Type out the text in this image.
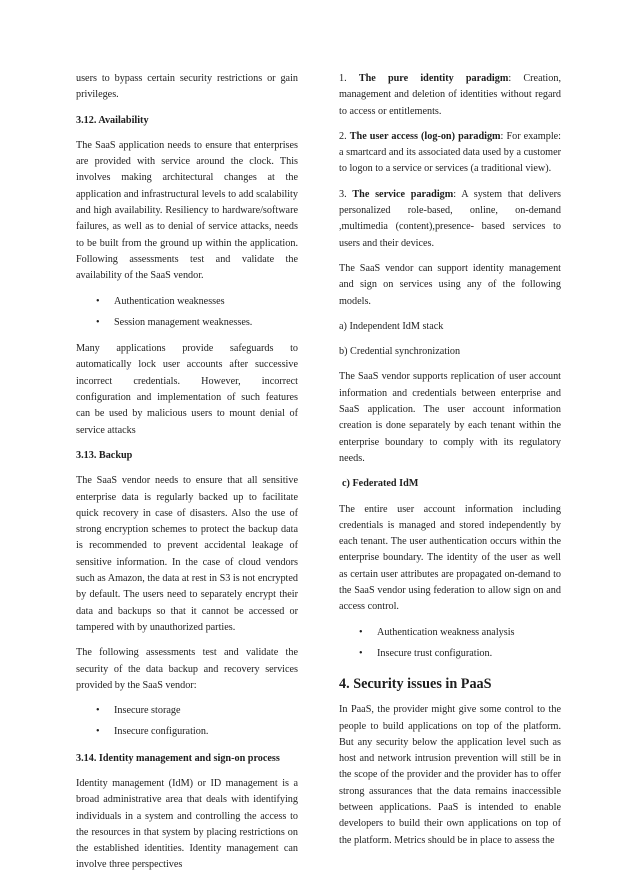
users to bypass certain security restrictions or gain privileges.

3.12. Availability

The SaaS application needs to ensure that enterprises are provided with service around the clock. This involves making architectural changes at the application and infrastructural levels to add scalability and high availability. Resiliency to hardware/software failures, as well as to denial of service attacks, needs to be built from the ground up within the application. Following assessments test and validate the availability of the SaaS vendor.

• Authentication weaknesses
• Session management weaknesses.

Many applications provide safeguards to automatically lock user accounts after successive incorrect credentials. However, incorrect configuration and implementation of such features can be used by malicious users to mount denial of service attacks

3.13. Backup

The SaaS vendor needs to ensure that all sensitive enterprise data is regularly backed up to facilitate quick recovery in case of disasters. Also the use of strong encryption schemes to protect the backup data is recommended to prevent accidental leakage of sensitive information. In the case of cloud vendors such as Amazon, the data at rest in S3 is not encrypted by default. The users need to separately encrypt their data and backups so that it cannot be accessed or tampered with by unauthorized parties.

The following assessments test and validate the security of the data backup and recovery services provided by the SaaS vendor:

• Insecure storage
• Insecure configuration.
3.14. Identity management and sign-on process

Identity management (IdM) or ID management is a broad administrative area that deals with identifying individuals in a system and controlling the access to the resources in that system by placing restrictions on the established identities. Identity management can involve three perspectives

1. The pure identity paradigm: Creation, management and deletion of identities without regard to access or entitlements.

2. The user access (log-on) paradigm: For example: a smartcard and its associated data used by a customer to logon to a service or services (a traditional view).

3. The service paradigm: A system that delivers personalized role-based, online, on-demand ,multimedia (content),presence- based services to users and their devices.

The SaaS vendor can support identity management and sign on services using any of the following models.

a) Independent IdM stack

b) Credential synchronization

The SaaS vendor supports replication of user account information and credentials between enterprise and SaaS application. The user account information creation is done separately by each tenant within the enterprise boundary to comply with its regulatory needs.

c) Federated IdM

The entire user account information including credentials is managed and stored independently by each tenant. The user authentication occurs within the enterprise boundary. The identity of the user as well as certain user attributes are propagated on-demand to the SaaS vendor using federation to allow sign on and access control.

• Authentication weakness analysis
• Insecure trust configuration.
4. Security issues in PaaS

In PaaS, the provider might give some control to the people to build applications on top of the platform. But any security below the application level such as host and network intrusion prevention will still be in the scope of the provider and the provider has to offer strong assurances that the data remains inaccessible between applications. PaaS is intended to enable developers to build their own applications on top of the platform. Metrics should be in place to assess the
